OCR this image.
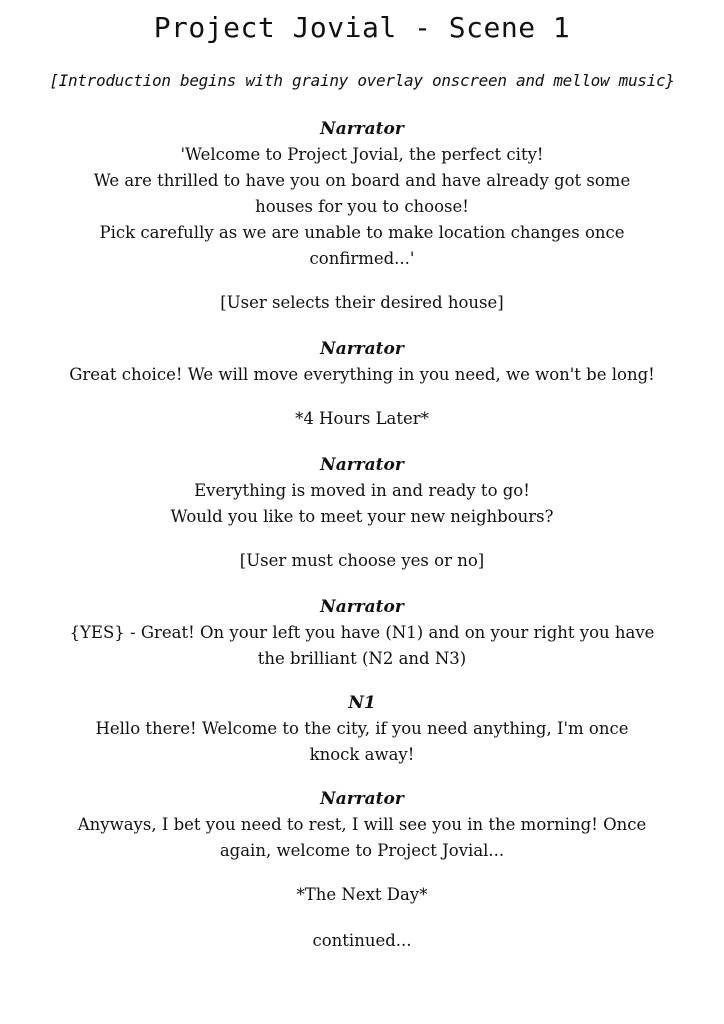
Project Jovial - Scene 1
[Introduction begins with grainy overlay onscreen and mellow music}
Narrator
'Welcome to Project Jovial, the perfect city!
We are thrilled to have you on board and have already got some
houses for you to choose!
Pick carefully as we are unable to make location changes once
confirmed...'
[User selects their desired house]
Narrator
Great choice! We will move everything in you need, we won't be long!
*4 Hours Later*
Narrator
Everything is moved in and ready to go!
Would you like to meet your new neighbours?
[User must choose yes or no]
Narrator
{YES} - Great! On your left you have (N1) and on your right you have
the brilliant (N2 and N3)
N1
Hello there! Welcome to the city, if you need anything, I'm once
knock away!
Narrator
Anyways, I bet you need to rest, I will see you in the morning! Once
again, welcome to Project Jovial...
*The Next Day*
continued...
